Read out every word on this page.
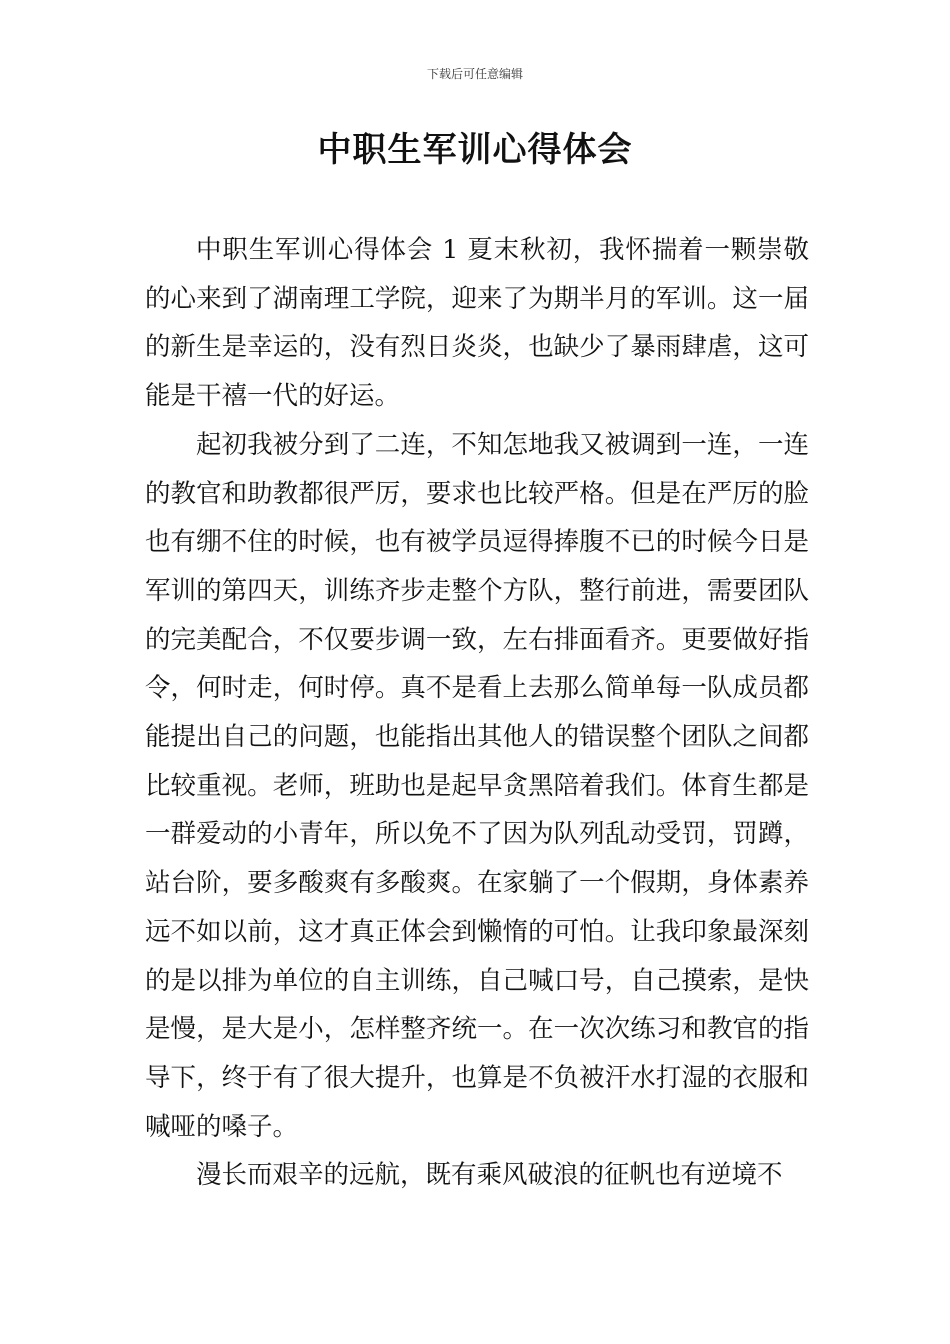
下载后可任意编辑
中职生军训心得体会

中职生军训心得体会 1 夏末秋初，我怀揣着一颗崇敬的心来到了湖南理工学院，迎来了为期半月的军训。这一届的新生是幸运的，没有烈日炎炎，也缺少了暴雨肆虐，这可能是干禧一代的好运。

起初我被分到了二连，不知怎地我又被调到一连，一连的教官和助教都很严厉，要求也比较严格。但是在严厉的脸也有绷不住的时候，也有被学员逗得捧腹不已的时候今日是军训的第四天，训练齐步走整个方队，整行前进，需要团队的完美配合，不仅要步调一致，左右排面看齐。更要做好指令，何时走，何时停。真不是看上去那么简单每一队成员都能提出自己的问题，也能指出其他人的错误整个团队之间都比较重视。老师，班助也是起早贪黑陪着我们。体育生都是一群爱动的小青年，所以免不了因为队列乱动受罚，罚蹲，站台阶，要多酸爽有多酸爽。在家躺了一个假期，身体素养远不如以前，这才真正体会到懒惰的可怕。让我印象最深刻的是以排为单位的自主训练，自己喊口号，自己摸索，是快是慢，是大是小，怎样整齐统一。在一次次练习和教官的指导下，终于有了很大提升，也算是不负被汗水打湿的衣服和喊哑的嗓子。

漫长而艰辛的远航，既有乘风破浪的征帆也有逆境不
